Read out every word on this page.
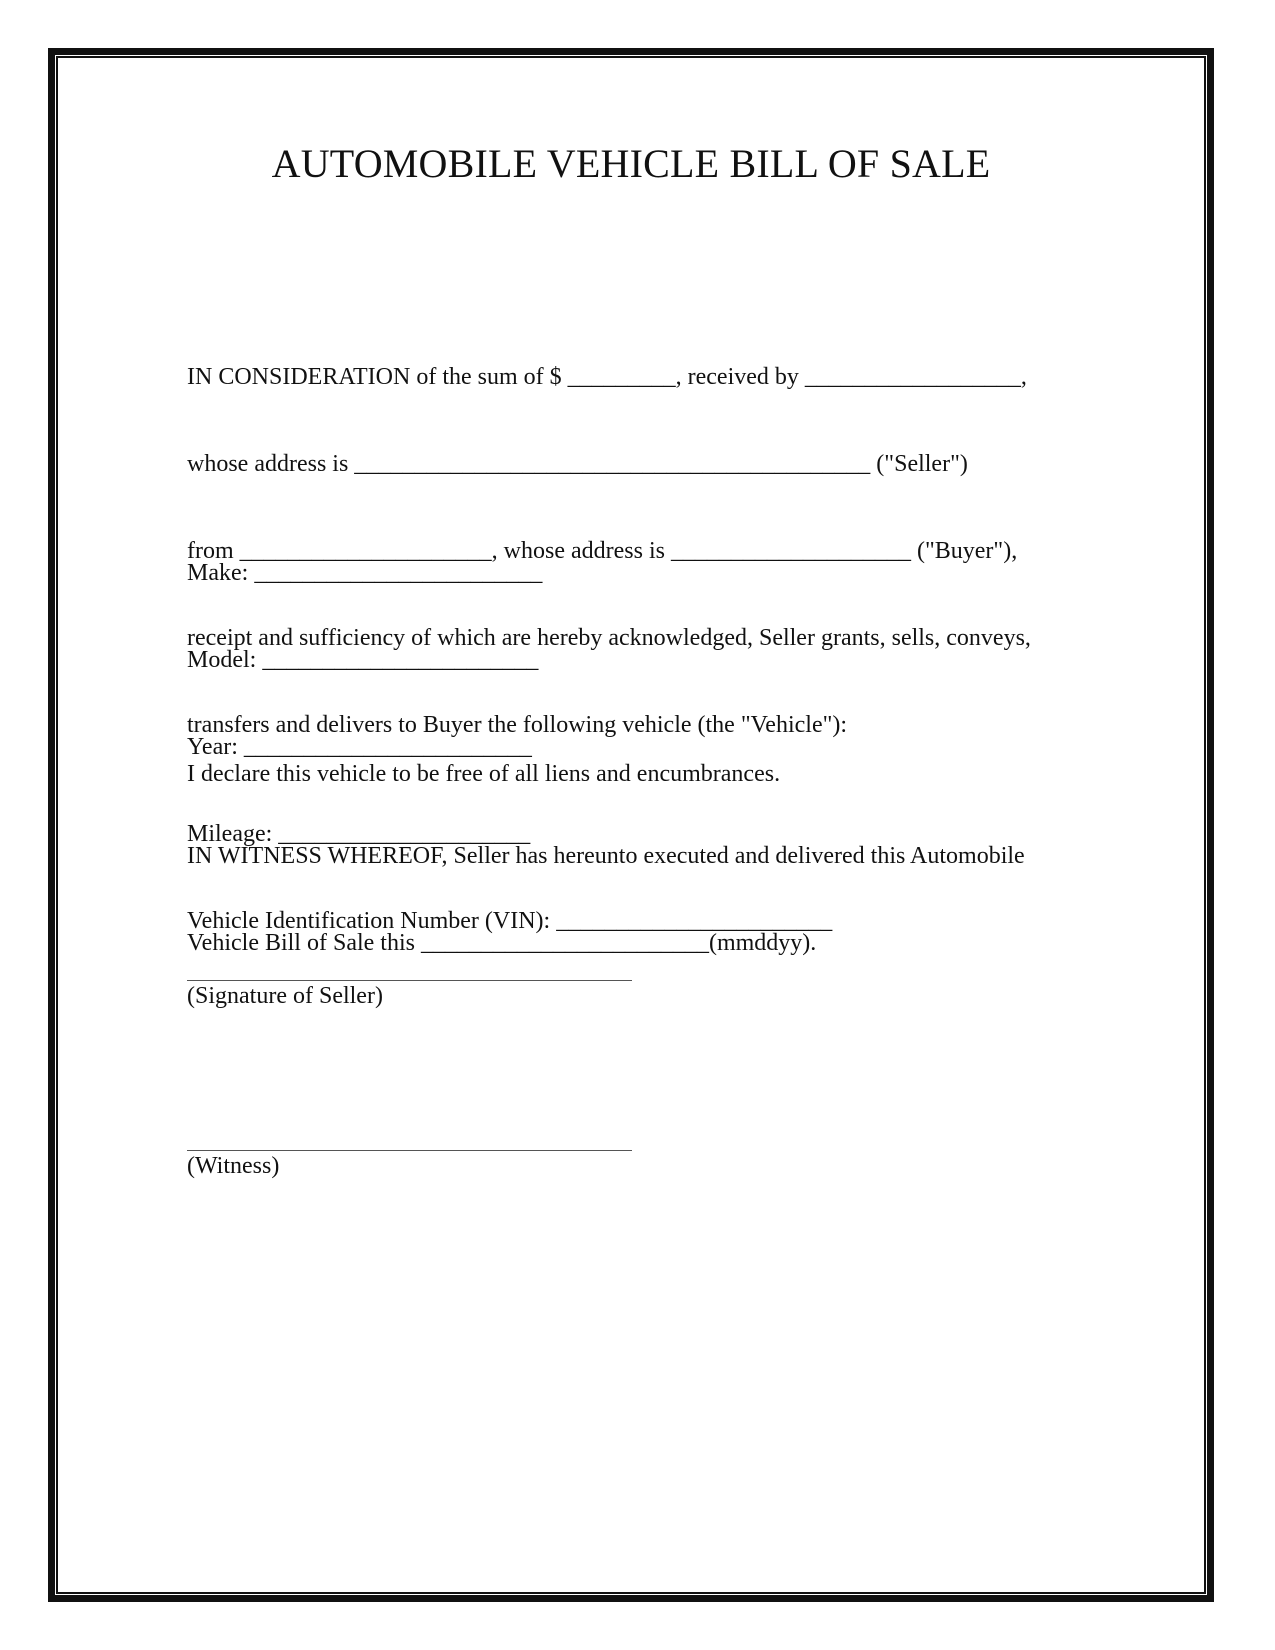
AUTOMOBILE VEHICLE BILL OF SALE

IN CONSIDERATION of the sum of $ _________, received by __________________,

whose address is ___________________________________________ ("Seller")

from _____________________, whose address is ____________________ ("Buyer"),

receipt and sufficiency of which are hereby acknowledged, Seller grants, sells, conveys,

transfers and delivers to Buyer the following vehicle (the "Vehicle"):

Make: ________________________

Model: _______________________

Year: ________________________

Mileage: _____________________

Vehicle Identification Number (VIN): _______________________

I declare this vehicle to be free of all liens and encumbrances.

IN WITNESS WHEREOF, Seller has hereunto executed and delivered this Automobile

Vehicle Bill of Sale this ________________________(mmddyy).

(Signature of Seller)
(Witness)
